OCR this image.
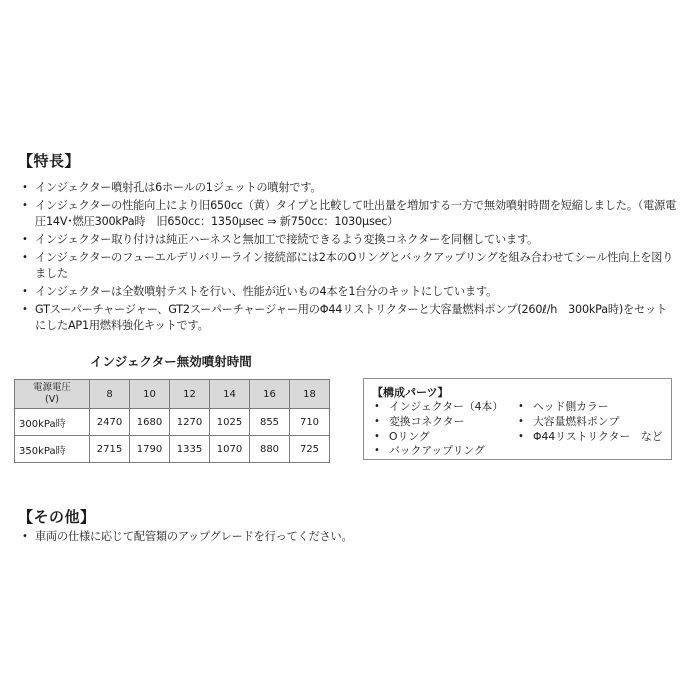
【特長】
• インジェクター噴射孔は6ホールの1ジェットの噴射です。
• インジェクターの性能向上により旧650cc（黄）タイプと比較して吐出量を増加する一方で無効噴射時間を短縮しました。（電源電圧14V･燃圧300kPa時　旧650cc：1350μsec ⇒ 新750cc：1030μsec）
• インジェクター取り付けは純正ハーネスと無加工で接続できるよう変換コネクターを同梱しています。
• インジェクターのフューエルデリバリーライン接続部には2本のOリングとバックアップリングを組み合わせてシール性向上を図りました
• インジェクターは全数噴射テストを行い、性能が近いもの4本を1台分のキットにしています。
• GTスーパーチャージャー、GT2スーパーチャージャー用のΦ44リストリクターと大容量燃料ポンプ(260ℓ/h　300kPa時)をセットにしたAP1用燃料強化キットです。
インジェクター無効噴射時間
電源電圧
(V)	8	10	12	14	16	18
300kPa時	2470	1680	1270	1025	855	710
350kPa時	2715	1790	1335	1070	880	725
【構成パーツ】
• インジェクター（4本）
• 変換コネクター
• Oリング
• バックアップリング
• ヘッド側カラー
• 大容量燃料ポンプ
• Φ44リストリクター　など
【その他】
• 車両の仕様に応じて配管類のアップグレードを行ってください。
